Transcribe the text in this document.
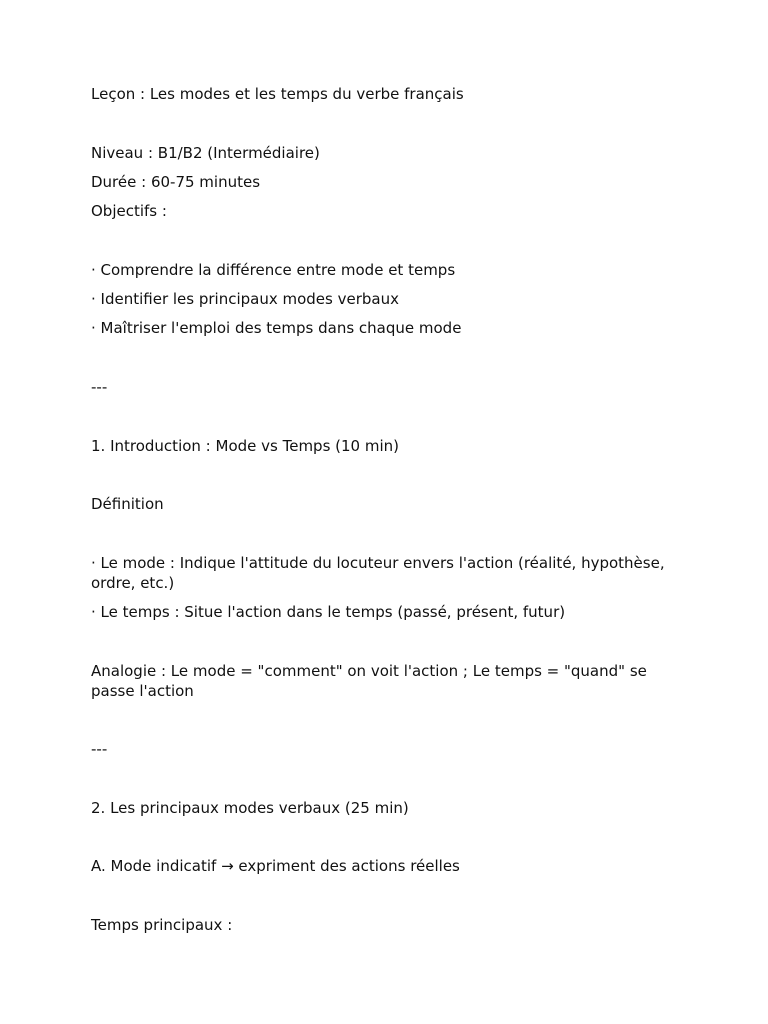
Leçon : Les modes et les temps du verbe français

Niveau : B1/B2 (Intermédiaire)

Durée : 60-75 minutes

Objectifs :

· Comprendre la différence entre mode et temps

· Identifier les principaux modes verbaux

· Maîtriser l'emploi des temps dans chaque mode

---

1. Introduction : Mode vs Temps (10 min)

Définition

· Le mode : Indique l'attitude du locuteur envers l'action (réalité, hypothèse, ordre, etc.)

· Le temps : Situe l'action dans le temps (passé, présent, futur)

Analogie : Le mode = "comment" on voit l'action ; Le temps = "quand" se passe l'action

---

2. Les principaux modes verbaux (25 min)

A. Mode indicatif → expriment des actions réelles

Temps principaux :
